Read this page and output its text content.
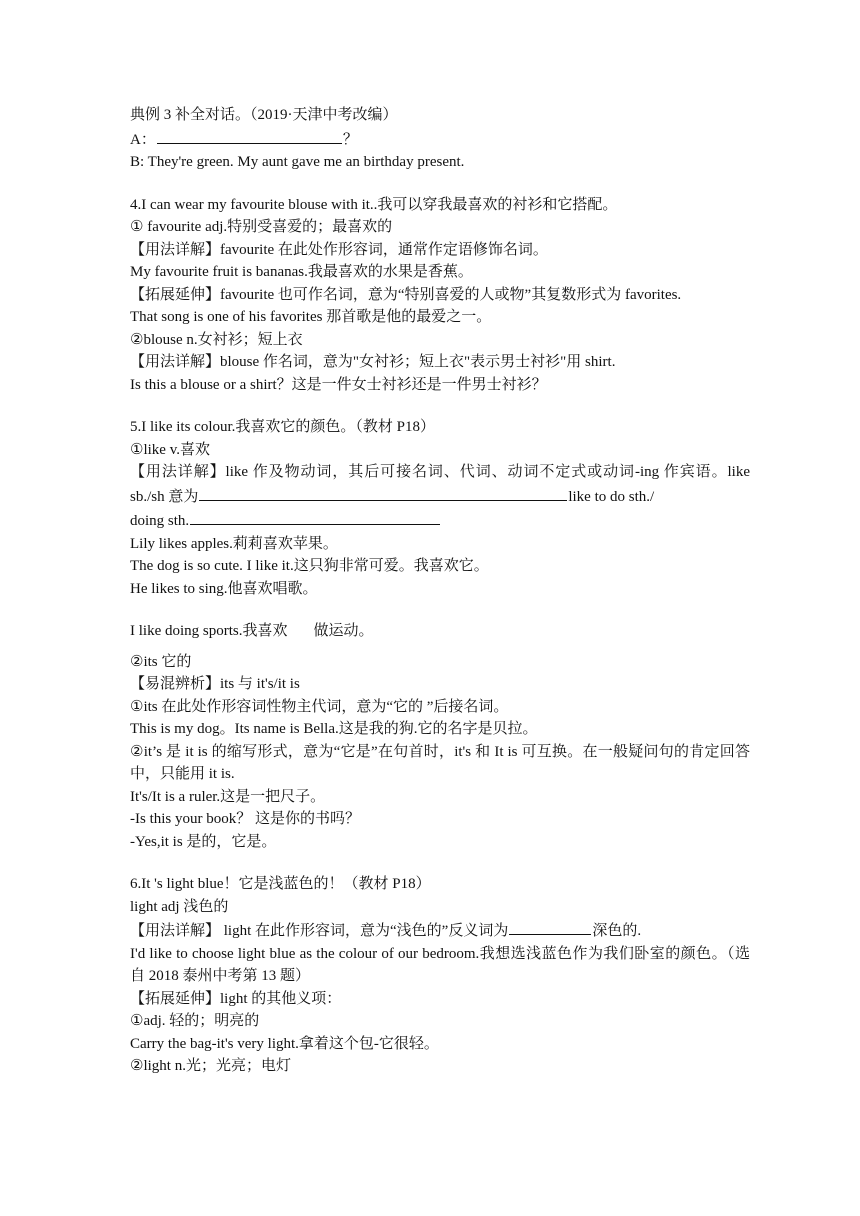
典例 3 补全对话。（2019·天津中考改编）
A：	？
B: They're green. My aunt gave me an birthday present.
4.I can wear my favourite blouse with it..我可以穿我最喜欢的衬衫和它搭配。
① favourite adj.特别受喜爱的；最喜欢的
【用法详解】favourite 在此处作形容词，通常作定语修饰名词。
My favourite fruit is bananas.我最喜欢的水果是香蕉。
【拓展延伸】favourite 也可作名词，意为“特别喜爱的人或物”其复数形式为 favorites.
That song is one of his favorites 那首歌是他的最爱之一。
②blouse n.女衬衫；短上衣
【用法详解】blouse 作名词，意为"女衬衫；短上衣"表示男士衬衫"用 shirt.
Is this a blouse or a shirt？这是一件女士衬衫还是一件男士衬衫？
5.I like its colour.我喜欢它的颜色。（教材 P18）
①like v.喜欢
【用法详解】like 作及物动词，其后可接名词、代词、动词不定式或动词-ing 作宾语。like sb./sh 意为	like to do sth./
doing sth.
Lily likes apples.莉莉喜欢苹果。
The dog is so cute. I like it.这只狗非常可爱。我喜欢它。
He likes to sing.他喜欢唱歌。
I like doing sports.我喜欢 做运动。
②its 它的
【易混辨析】its 与 it's/it is
①its 在此处作形容词性物主代词，意为“它的 ”后接名词。
This is my dog。Its name is Bella.这是我的狗.它的名字是贝拉。
②it’s 是 it is 的缩写形式，意为“它是”在句首时，it's 和 It is 可互换。在一般疑问句的肯定回答中，只能用 it is.
It's/It is a ruler.这是一把尺子。
-Is this your book？ 这是你的书吗？
-Yes,it is 是的，它是。
6.It 's light blue！它是浅蓝色的！（教材 P18）
light adj 浅色的
【用法详解】 light 在此作形容词，意为“浅色的”反义词为	深色的.
I'd like to choose light blue as the colour of our bedroom.我想选浅蓝色作为我们卧室的颜色。（选自 2018 泰州中考第 13 题）
【拓展延伸】light 的其他义项：
①adj. 轻的；明亮的
Carry the bag-it's very light.拿着这个包-它很轻。
②light n.光；光亮；电灯
